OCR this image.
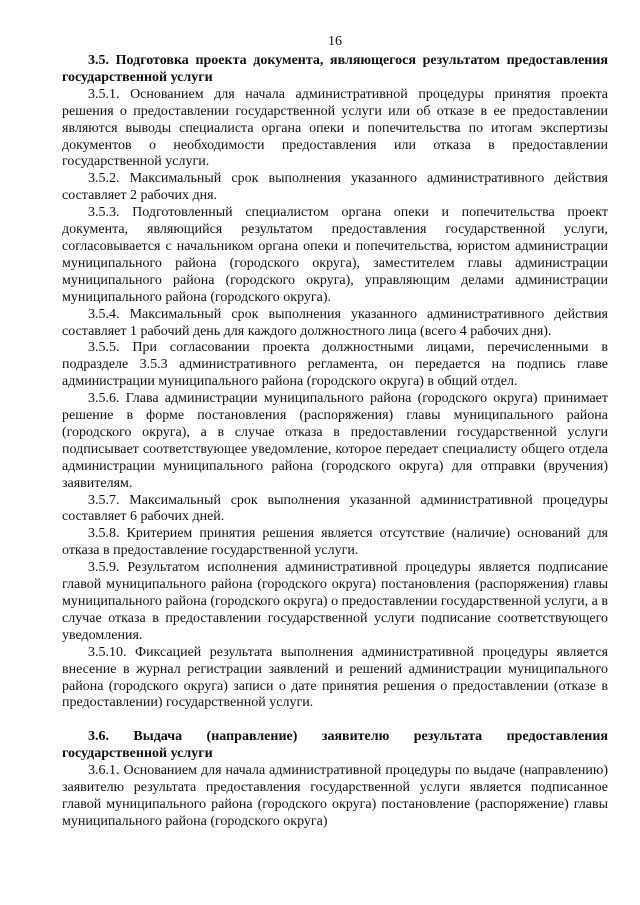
16

3.5. Подготовка проекта документа, являющегося результатом предоставления государственной услуги

3.5.1. Основанием для начала административной процедуры принятия проекта решения о предоставлении государственной услуги или об отказе в ее предоставлении являются выводы специалиста органа опеки и попечительства по итогам экспертизы документов о необходимости предоставления или отказа в предоставлении государственной услуги.

3.5.2. Максимальный срок выполнения указанного административного действия составляет 2 рабочих дня.

3.5.3. Подготовленный специалистом органа опеки и попечительства проект документа, являющийся результатом предоставления государственной услуги, согласовывается с начальником органа опеки и попечительства, юристом администрации муниципального района (городского округа), заместителем главы администрации муниципального района (городского округа), управляющим делами администрации муниципального района (городского округа).

3.5.4. Максимальный срок выполнения указанного административного действия составляет 1 рабочий день для каждого должностного лица (всего 4 рабочих дня).

3.5.5. При согласовании проекта должностными лицами, перечисленными в подразделе 3.5.3 административного регламента, он передается на подпись главе администрации муниципального района (городского округа) в общий отдел.

3.5.6. Глава администрации муниципального района (городского округа) принимает решение в форме постановления (распоряжения) главы муниципального района (городского округа), а в случае отказа в предоставлении государственной услуги подписывает соответствующее уведомление, которое передает специалисту общего отдела администрации муниципального района (городского округа) для отправки (вручения) заявителям.

3.5.7. Максимальный срок выполнения указанной административной процедуры составляет 6 рабочих дней.

3.5.8. Критерием принятия решения является отсутствие (наличие) оснований для отказа в предоставление государственной услуги.

3.5.9. Результатом исполнения административной процедуры является подписание главой муниципального района (городского округа) постановления (распоряжения) главы муниципального района (городского округа) о предоставлении государственной услуги, а в случае отказа в предоставлении государственной услуги подписание соответствующего уведомления.

3.5.10. Фиксацией результата выполнения административной процедуры является внесение в журнал регистрации заявлений и решений администрации муниципального района (городского округа) записи о дате принятия решения о предоставлении (отказе в предоставлении) государственной услуги.

3.6. Выдача (направление) заявителю результата предоставления государственной услуги

3.6.1. Основанием для начала административной процедуры по выдаче (направлению) заявителю результата предоставления государственной услуги является подписанное главой муниципального района (городского округа) постановление (распоряжение) главы муниципального района (городского округа)
